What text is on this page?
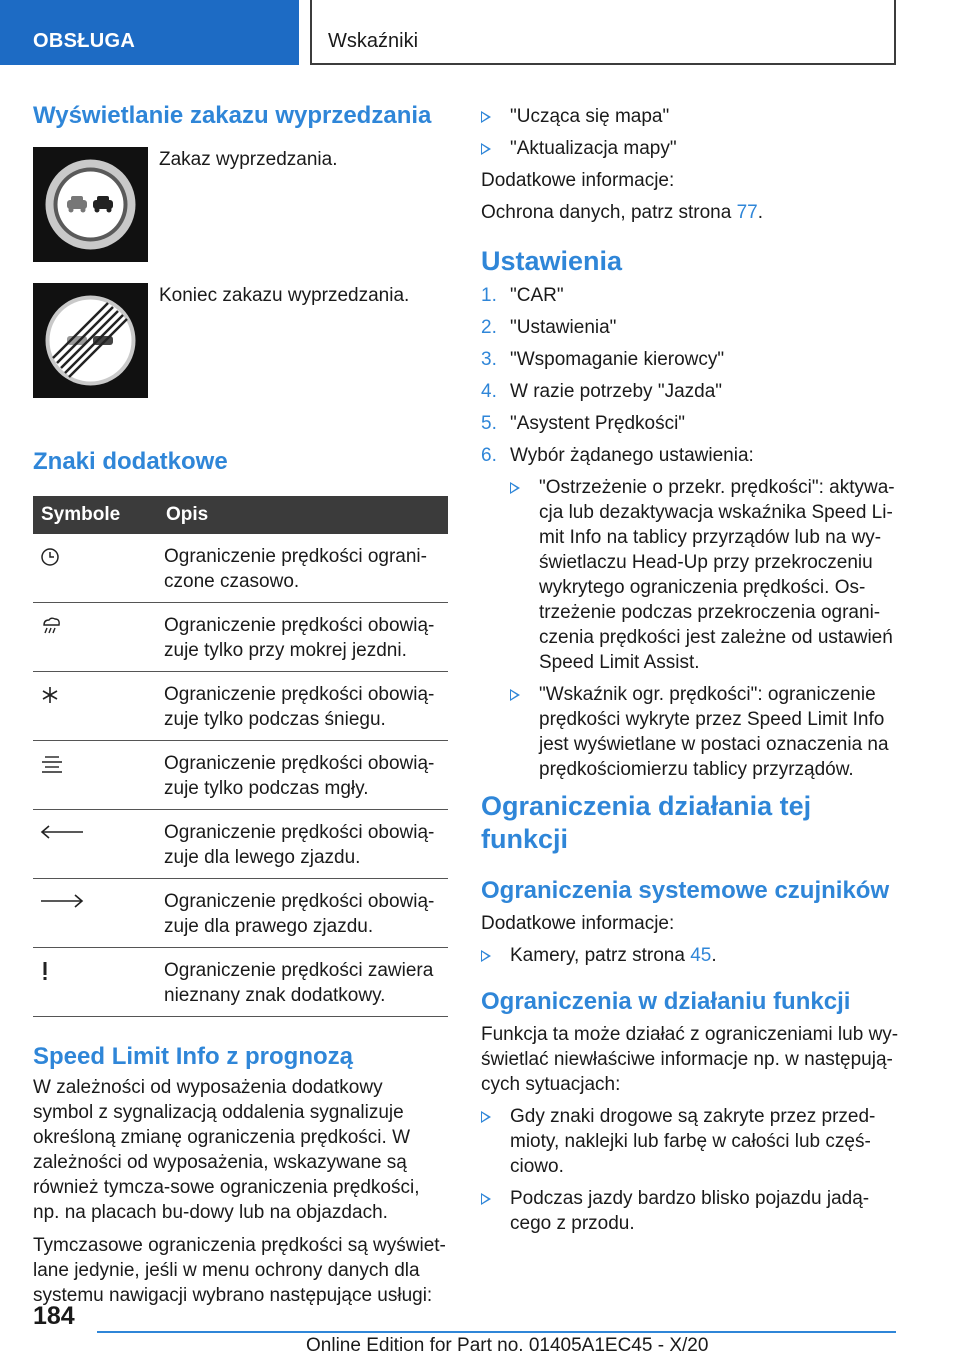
OBSŁUGA	Wskaźniki
Wyświetlanie zakazu wyprzedzania
Zakaz wyprzedzania.
Koniec zakazu wyprzedzania.
Znaki dodatkowe
Symbole	Opis

	Ograniczenie prędkości ograni-czone czasowo.

	Ograniczenie prędkości obowią-zuje tylko przy mokrej jezdni.

	Ograniczenie prędkości obowią-zuje tylko podczas śniegu.

	Ograniczenie prędkości obowią-zuje tylko podczas mgły.

	Ograniczenie prędkości obowią-zuje dla lewego zjazdu.

	Ograniczenie prędkości obowią-zuje dla prawego zjazdu.

	Ograniczenie prędkości zawiera nieznany znak dodatkowy.
Speed Limit Info z prognozą

W zależności od wyposażenia dodatkowy symbol z sygnalizacją oddalenia sygnalizuje określoną zmianę ograniczenia prędkości. W zależności od wyposażenia, wskazywane są również tymcza-sowe ograniczenia prędkości, np. na placach bu-dowy lub na objazdach.

Tymczasowe ograniczenia prędkości są wyświet-lane jedynie, jeśli w menu ochrony danych dla systemu nawigacji wybrano następujące usługi:

"Ucząca się mapa"
"Aktualizacja mapy"

Dodatkowe informacje:

Ochrona danych, patrz strona 77.

Ustawienia
1. "CAR"
2. "Ustawienia"
3. "Wspomaganie kierowcy"
4. W razie potrzeby "Jazda"
5. "Asystent Prędkości"
6. Wybór żądanego ustawienia:
"Ostrzeżenie o przekr. prędkości": aktywa-cja lub dezaktywacja wskaźnika Speed Li-mit Info na tablicy przyrządów lub na wy-świetlaczu Head-Up przy przekroczeniu wykrytego ograniczenia prędkości. Os-trzeżenie podczas przekroczenia ograni-czenia prędkości jest zależne od ustawień Speed Limit Assist.
"Wskaźnik ogr. prędkości": ograniczenie prędkości wykryte przez Speed Limit Info jest wyświetlane w postaci oznaczenia na prędkościomierzu tablicy przyrządów.
Ograniczenia działania tej funkcji
Ograniczenia systemowe czujników

Dodatkowe informacje:

Kamery, patrz strona 45.
Ograniczenia w działaniu funkcji

Funkcja ta może działać z ograniczeniami lub wy-świetlać niewłaściwe informacje np. w następują-cych sytuacjach:

Gdy znaki drogowe są zakryte przez przed-mioty, naklejki lub farbę w całości lub częś-ciowo.
Podczas jazdy bardzo blisko pojazdu jadą-cego z przodu.
184
Online Edition for Part no. 01405A1EC45 - X/20
